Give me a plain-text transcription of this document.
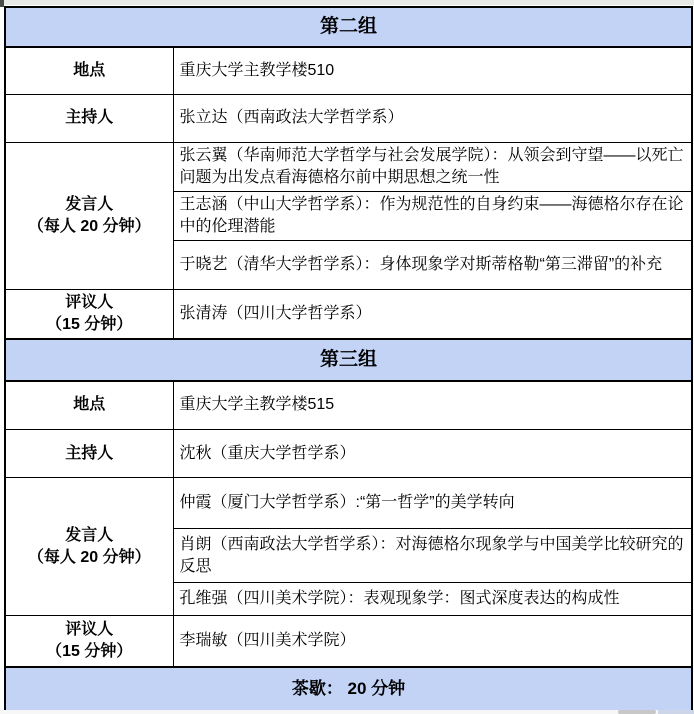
第二组	
地点	重庆大学主教学楼510
主持人	张立达（西南政法大学哲学系）

发言人
（每人 20 分钟）	张云翼（华南师范大学哲学与社会发展学院）：从领会到守望——以死亡问题为出发点看海德格尔前中期思想之统一性
	王志涵（中山大学哲学系）：作为规范性的自身约束——海德格尔存在论中的伦理潜能
	于晓艺（清华大学哲学系）：身体现象学对斯蒂格勒“第三滞留”的补充

评议人
（15 分钟）	张清涛（四川大学哲学系）
第三组	
地点	重庆大学主教学楼515
主持人	沈秋（重庆大学哲学系）

发言人
（每人 20 分钟）	仲霞（厦门大学哲学系）:“第一哲学”的美学转向
	肖朗（西南政法大学哲学系）：对海德格尔现象学与中国美学比较研究的反思
	孔维强（四川美术学院）：表观现象学：图式深度表达的构成性

评议人
（15 分钟）	李瑞敏（四川美术学院）
茶歇： 20 分钟	
